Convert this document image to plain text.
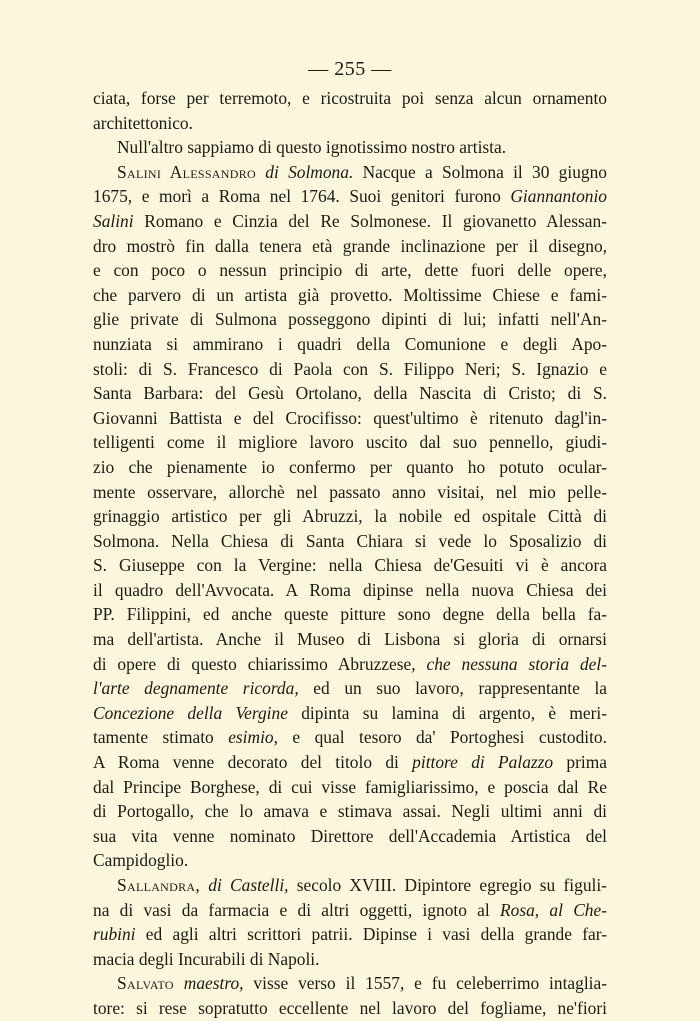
— 255 —
ciata, forse per terremoto, e ricostruita poi senza alcun ornamento
architettonico.
Null'altro sappiamo di questo ignotissimo nostro artista.
Salini Alessandro di Solmona. Nacque a Solmona il 30 giugno
1675, e morì a Roma nel 1764. Suoi genitori furono Giannantonio
Salini Romano e Cinzia del Re Solmonese. Il giovanetto Alessan-
dro mostrò fin dalla tenera età grande inclinazione per il disegno,
e con poco o nessun principio di arte, dette fuori delle opere,
che parvero di un artista già provetto. Moltissime Chiese e fami-
glie private di Sulmona posseggono dipinti di lui; infatti nell'An-
nunziata si ammirano i quadri della Comunione e degli Apo-
stoli: di S. Francesco di Paola con S. Filippo Neri; S. Ignazio e
Santa Barbara: del Gesù Ortolano, della Nascita di Cristo; di S.
Giovanni Battista e del Crocifisso: quest'ultimo è ritenuto dagl'in-
telligenti come il migliore lavoro uscito dal suo pennello, giudi-
zio che pienamente io confermo per quanto ho potuto ocular-
mente osservare, allorchè nel passato anno visitai, nel mio pelle-
grinaggio artistico per gli Abruzzi, la nobile ed ospitale Città di
Solmona. Nella Chiesa di Santa Chiara si vede lo Sposalizio di
S. Giuseppe con la Vergine: nella Chiesa de'Gesuiti vi è ancora
il quadro dell'Avvocata. A Roma dipinse nella nuova Chiesa dei
PP. Filippini, ed anche queste pitture sono degne della bella fa-
ma dell'artista. Anche il Museo di Lisbona si gloria di ornarsi
di opere di questo chiarissimo Abruzzese, che nessuna storia del-
l'arte degnamente ricorda, ed un suo lavoro, rappresentante la
Concezione della Vergine dipinta su lamina di argento, è meri-
tamente stimato esimio, e qual tesoro da' Portoghesi custodito.
A Roma venne decorato del titolo di pittore di Palazzo prima
dal Principe Borghese, di cui visse famigliarissimo, e poscia dal Re
di Portogallo, che lo amava e stimava assai. Negli ultimi anni di
sua vita venne nominato Direttore dell'Accademia Artistica del
Campidoglio.
Sallandra, di Castelli, secolo XVIII. Dipintore egregio su figuli-
na di vasi da farmacia e di altri oggetti, ignoto al Rosa, al Che-
rubini ed agli altri scrittori patrii. Dipinse i vasi della grande far-
macia degli Incurabili di Napoli.
Salvato maestro, visse verso il 1557, e fu celeberrimo intaglia-
tore: si rese sopratutto eccellente nel lavoro del fogliame, ne'fiori
